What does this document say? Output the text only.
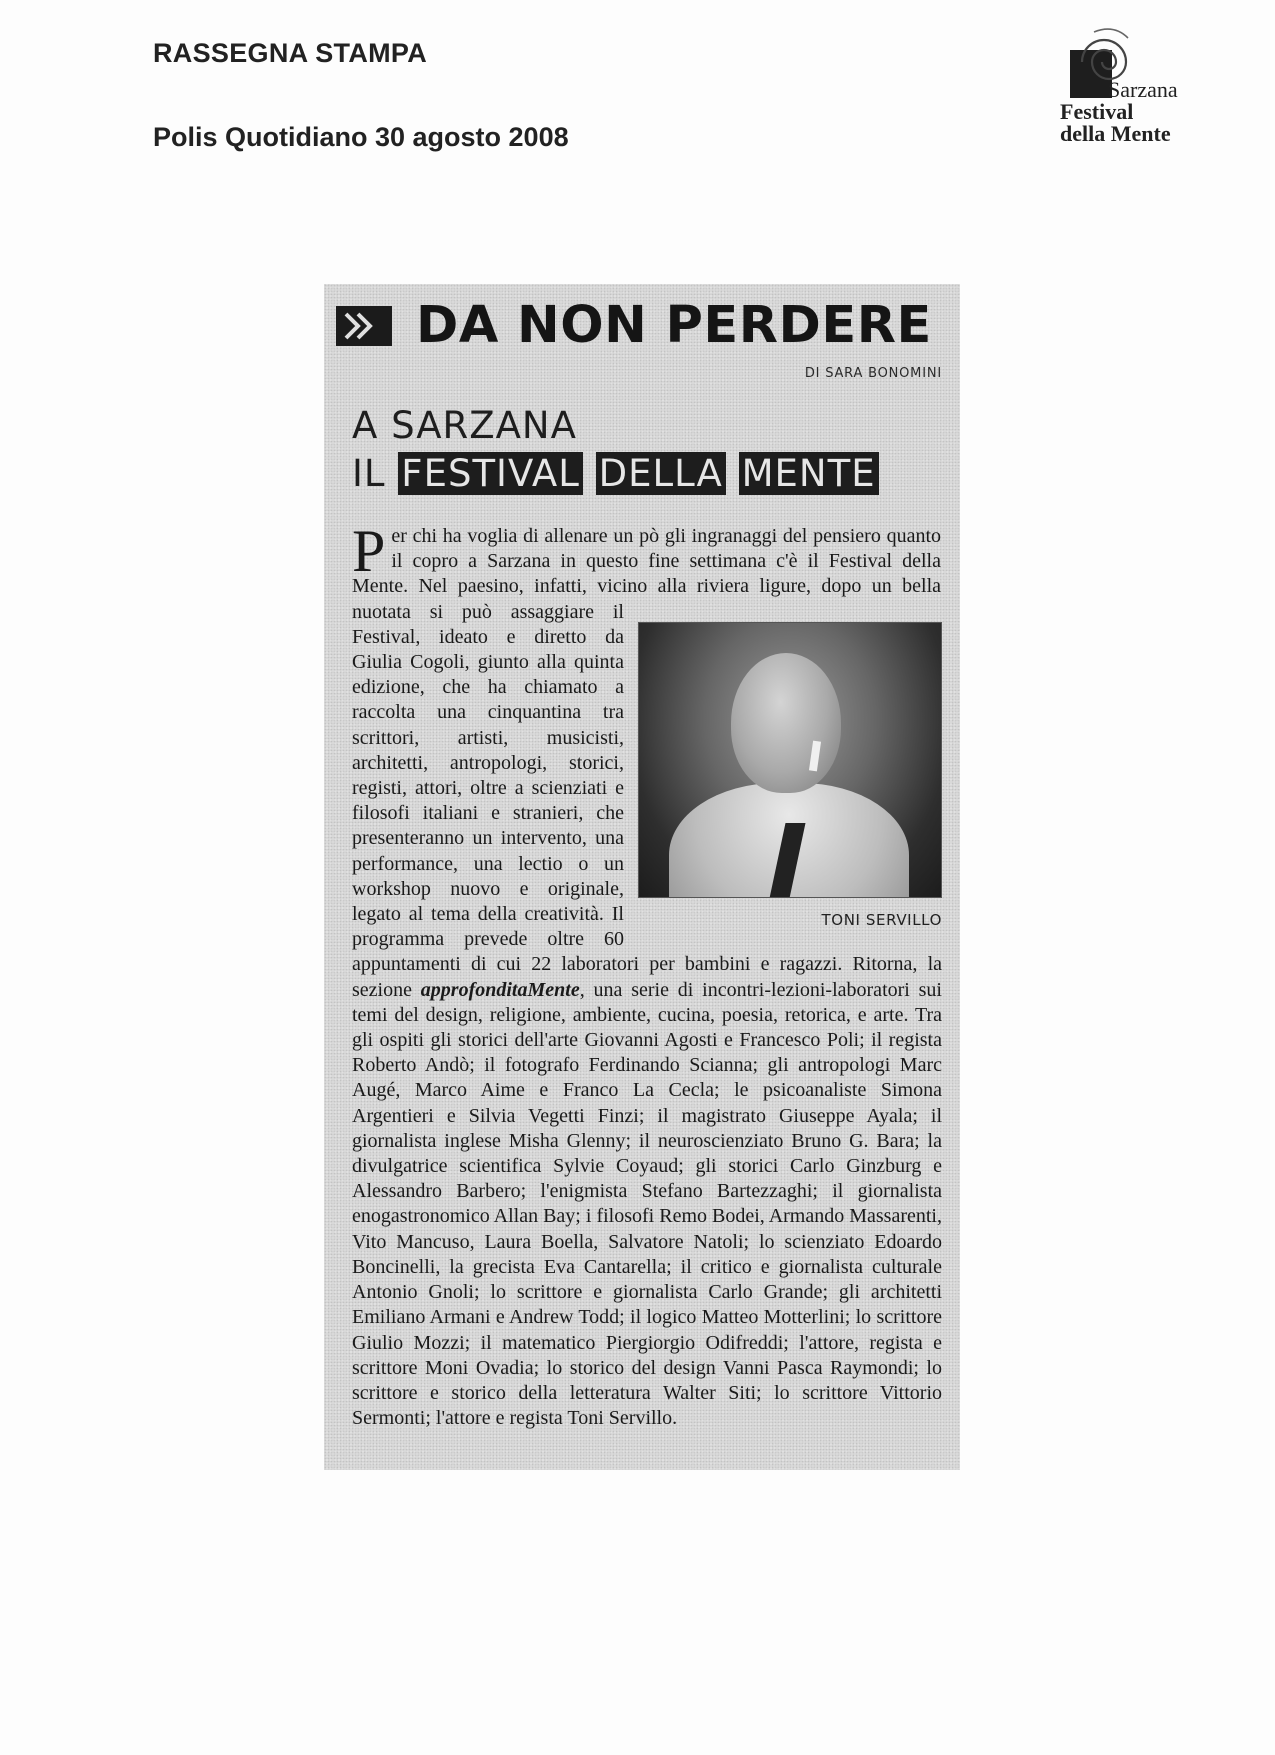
RASSEGNA STAMPA
Polis Quotidiano 30 agosto 2008
Sarzana
Festival
della Mente
DA NON PERDERE
DI SARA BONOMINI
A SARZANA
IL FESTIVAL DELLA MENTE
P
TONI SERVILLO
er chi ha voglia di allenare un pò gli ingranaggi del pensiero quanto il copro a Sarzana in questo fine settimana c'è il Festival della Mente. Nel paesino, infatti, vicino alla riviera ligure, dopo un bella nuotata si può assaggiare il Festival, ideato e diretto da Giulia Cogoli, giunto alla quinta edizione, che ha chiamato a raccolta una cinquantina tra scrittori, artisti, musicisti, architetti, antropologi, storici, registi, attori, oltre a scienziati e filosofi italiani e stranieri, che presenteranno un intervento, una performance, una lectio o un workshop nuovo e originale, legato al tema della creatività. Il programma prevede oltre 60 appuntamenti di cui 22 laboratori per bambini e ragazzi. Ritorna, la sezione approfonditaMente, una serie di incontri-lezioni-laboratori sui temi del design, religione, ambiente, cucina, poesia, retorica, e arte. Tra gli ospiti gli storici dell'arte Giovanni Agosti e Francesco Poli; il regista Roberto Andò; il fotografo Ferdinando Scianna; gli antropologi Marc Augé, Marco Aime e Franco La Cecla; le psicoanaliste Simona Argentieri e Silvia Vegetti Finzi; il magistrato Giuseppe Ayala; il giornalista inglese Misha Glenny; il neuroscienziato Bruno G. Bara; la divulgatrice scientifica Sylvie Coyaud; gli storici Carlo Ginzburg e Alessandro Barbero; l'enigmista Stefano Bartezzaghi; il giornalista enogastronomico Allan Bay; i filosofi Remo Bodei, Armando Massarenti, Vito Mancuso, Laura Boella, Salvatore Natoli; lo scienziato Edoardo Boncinelli, la grecista Eva Cantarella; il critico e giornalista culturale Antonio Gnoli; lo scrittore e giornalista Carlo Grande; gli architetti Emiliano Armani e Andrew Todd; il logico Matteo Motterlini; lo scrittore Giulio Mozzi; il matematico Piergiorgio Odifreddi; l'attore, regista e scrittore Moni Ovadia; lo storico del design Vanni Pasca Raymondi; lo scrittore e storico della letteratura Walter Siti; lo scrittore Vittorio Sermonti; l'attore e regista Toni Servillo.
